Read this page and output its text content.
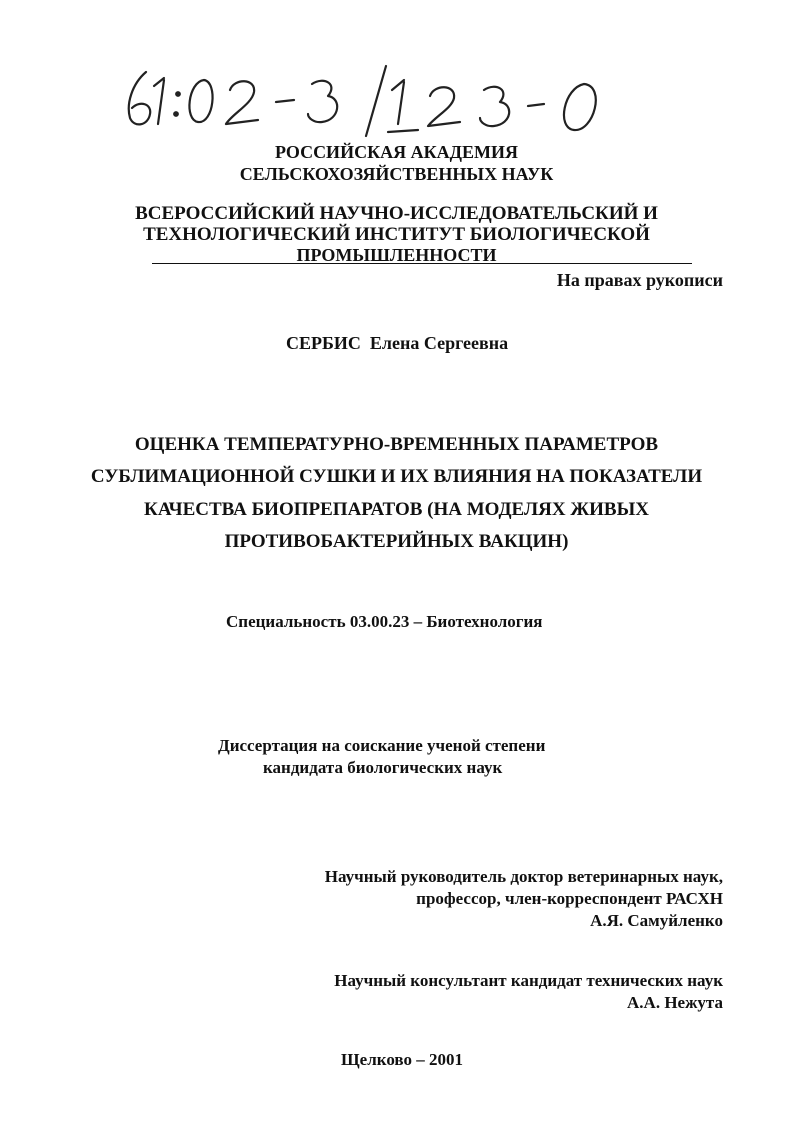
РОССИЙСКАЯ АКАДЕМИЯ
СЕЛЬСКОХОЗЯЙСТВЕННЫХ НАУК
ВСЕРОССИЙСКИЙ НАУЧНО-ИССЛЕДОВАТЕЛЬСКИЙ И
ТЕХНОЛОГИЧЕСКИЙ ИНСТИТУТ БИОЛОГИЧЕСКОЙ
ПРОМЫШЛЕННОСТИ
На правах рукописи
СЕРБИС Елена Сергеевна
ОЦЕНКА ТЕМПЕРАТУРНО-ВРЕМЕННЫХ ПАРАМЕТРОВ
СУБЛИМАЦИОННОЙ СУШКИ И ИХ ВЛИЯНИЯ НА ПОКАЗАТЕЛИ
КАЧЕСТВА БИОПРЕПАРАТОВ (НА МОДЕЛЯХ ЖИВЫХ
ПРОТИВОБАКТЕРИЙНЫХ ВАКЦИН)
Специальность 03.00.23 – Биотехнология
Диссертация на соискание ученой степени
кандидата биологических наук
Научный руководитель доктор ветеринарных наук,
профессор, член-корреспондент РАСХН
А.Я. Самуйленко
Научный консультант кандидат технических наук
А.А. Нежута
Щелково – 2001
